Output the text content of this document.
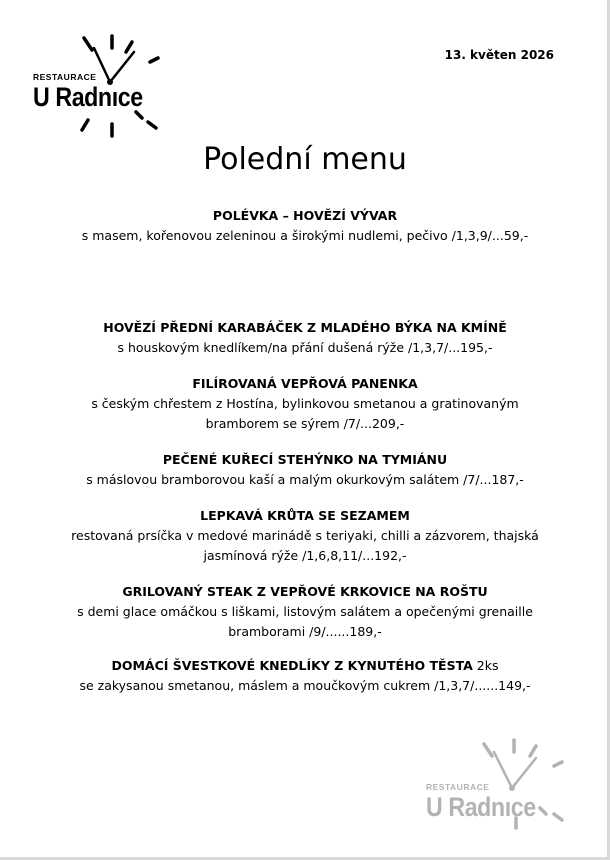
RESTAURACE
U Radnıce
13. květen 2026
Polední menu
POLÉVKA – HOVĚZÍ VÝVAR
s masem, kořenovou zeleninou a širokými nudlemi, pečivo /1,3,9/...59,-
HOVĚZÍ PŘEDNÍ KARABÁČEK Z MLADÉHO BÝKA NA KMÍNĚ
s houskovým knedlíkem/na přání dušená rýže /1,3,7/...195,-
FILÍROVANÁ VEPŘOVÁ PANENKA
s českým chřestem z Hostína, bylinkovou smetanou a gratinovaným
bramborem se sýrem /7/...209,-
PEČENÉ KUŘECÍ STEHÝNKO NA TYMIÁNU
s máslovou bramborovou kaší a malým okurkovým salátem /7/...187,-
LEPKAVÁ KRŮTA SE SEZAMEM
restovaná prsíčka v medové marinádě s teriyaki, chilli a zázvorem, thajská
jasmínová rýže /1,6,8,11/...192,-
GRILOVANÝ STEAK Z VEPŘOVÉ KRKOVICE NA ROŠTU
s demi glace omáčkou s liškami, listovým salátem a opečenými grenaille
bramborami /9/......189,-
DOMÁCÍ ŠVESTKOVÉ KNEDLÍKY Z KYNUTÉHO TĚSTA 2ks
se zakysanou smetanou, máslem a moučkovým cukrem /1,3,7/......149,-
RESTAURACE
U Radnıce
